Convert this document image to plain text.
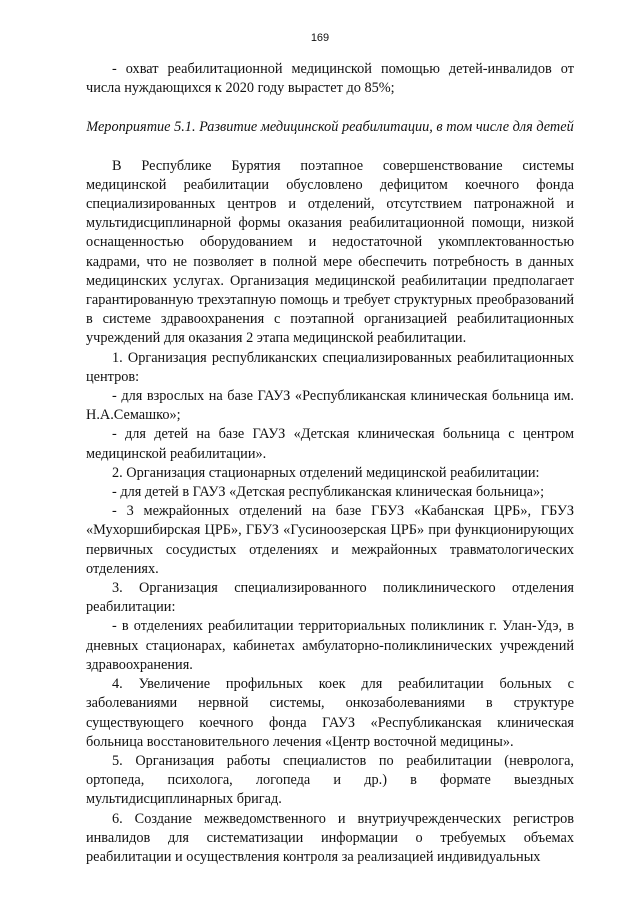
169

- охват реабилитационной медицинской помощью детей-инвалидов от числа нуждающихся к 2020 году вырастет до 85%;

Мероприятие 5.1. Развитие медицинской реабилитации, в том числе для детей

В Республике Бурятия поэтапное совершенствование системы медицинской реабилитации обусловлено дефицитом коечного фонда специализированных центров и отделений, отсутствием патронажной и мультидисциплинарной формы оказания реабилитационной помощи, низкой оснащенностью оборудованием и недостаточной укомплектованностью кадрами, что не позволяет в полной мере обеспечить потребность в данных медицинских услугах. Организация медицинской реабилитации предполагает гарантированную трехэтапную помощь и требует структурных преобразований в системе здравоохранения с поэтапной организацией реабилитационных учреждений для оказания 2 этапа медицинской реабилитации.

1. Организация республиканских специализированных реабилитационных центров:

- для взрослых на базе ГАУЗ «Республиканская клиническая больница им. Н.А.Семашко»;

- для детей на базе ГАУЗ «Детская клиническая больница с центром медицинской реабилитации».

2. Организация стационарных отделений медицинской реабилитации:

- для детей в ГАУЗ «Детская республиканская клиническая больница»;

- 3 межрайонных отделений на базе ГБУЗ «Кабанская ЦРБ», ГБУЗ «Мухоршибирская ЦРБ», ГБУЗ «Гусиноозерская ЦРБ» при функционирующих первичных сосудистых отделениях и межрайонных травматологических отделениях.

3. Организация специализированного поликлинического отделения реабилитации:

- в отделениях реабилитации территориальных поликлиник г. Улан-Удэ, в дневных стационарах, кабинетах амбулаторно-поликлинических учреждений здравоохранения.

4. Увеличение профильных коек для реабилитации больных с заболеваниями нервной системы, онкозаболеваниями в структуре существующего коечного фонда ГАУЗ «Республиканская клиническая больница восстановительного лечения «Центр восточной медицины».

5. Организация работы специалистов по реабилитации (невролога, ортопеда, психолога, логопеда и др.) в формате выездных мультидисциплинарных бригад.

6. Создание межведомственного и внутриучрежденческих регистров инвалидов для систематизации информации о требуемых объемах реабилитации и осуществления контроля за реализацией индивидуальных
